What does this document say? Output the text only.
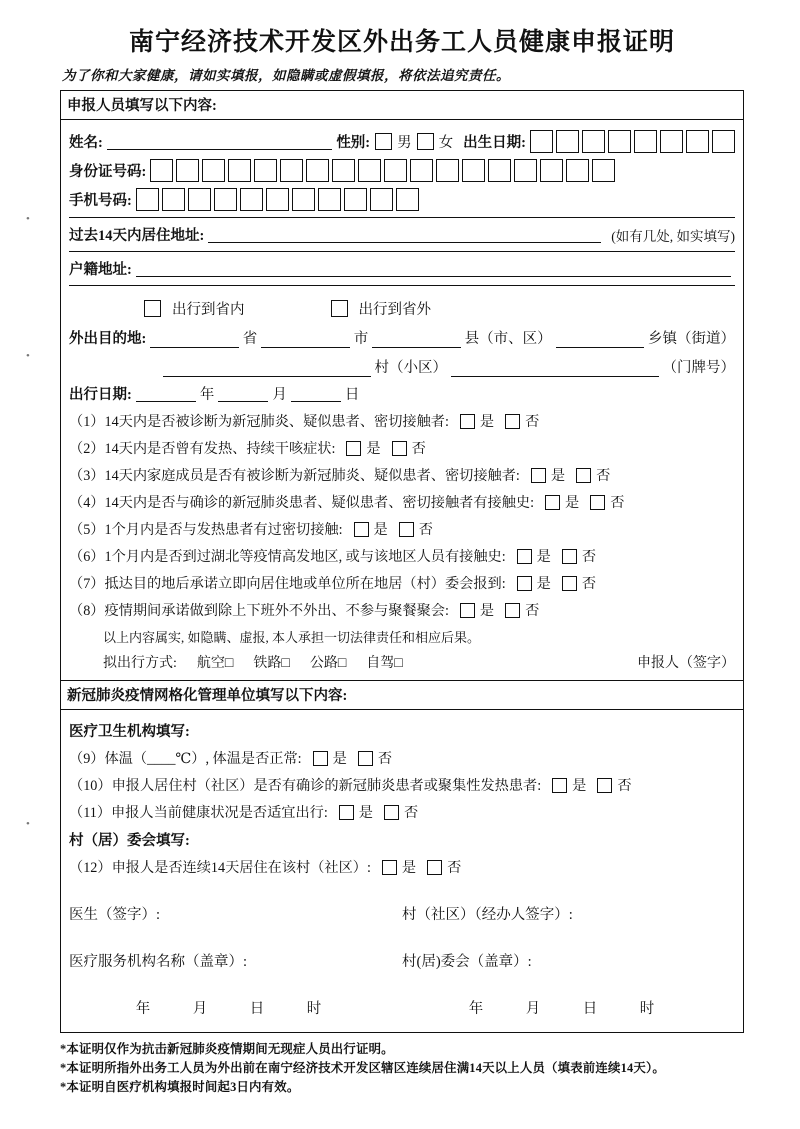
•
•
•
南宁经济技术开发区外出务工人员健康申报证明
为了你和大家健康，请如实填报，如隐瞒或虚假填报，将依法追究责任。
申报人员填写以下内容:
姓名:	性别: 男 女 出生日期:
身份证号码:
手机号码:
过去14天内居住地址:	(如有几处, 如实填写)
户籍地址:
出行到省内	出行到省外
外出目的地:	省	市	县（市、区）	乡镇（街道）
村（小区）	（门牌号）
出行日期:	年	月	日
（1）14天内是否被诊断为新冠肺炎、疑似患者、密切接触者: 是 否
（2）14天内是否曾有发热、持续干咳症状: 是 否
（3）14天内家庭成员是否有被诊断为新冠肺炎、疑似患者、密切接触者: 是 否
（4）14天内是否与确诊的新冠肺炎患者、疑似患者、密切接触者有接触史: 是 否
（5）1个月内是否与发热患者有过密切接触: 是 否
（6）1个月内是否到过湖北等疫情高发地区, 或与该地区人员有接触史: 是 否
（7）抵达目的地后承诺立即向居住地或单位所在地居（村）委会报到: 是 否
（8）疫情期间承诺做到除上下班外不外出、不参与聚餐聚会: 是 否
以上内容属实, 如隐瞒、虚报, 本人承担一切法律责任和相应后果。
拟出行方式: 航空□ 铁路□ 公路□ 自驾□	申报人（签字）
新冠肺炎疫情网格化管理单位填写以下内容:
医疗卫生机构填写:
（9）体温（____℃）, 体温是否正常: 是 否
（10）申报人居住村（社区）是否有确诊的新冠肺炎患者或聚集性发热患者: 是 否
（11）申报人当前健康状况是否适宜出行: 是 否
村（居）委会填写:
（12）申报人是否连续14天居住在该村（社区）: 是 否
医生（签字）:	村（社区）（经办人签字）:
医疗服务机构名称（盖章）:	村(居)委会（盖章）:
年　月　日　时	年　月　日　时
*本证明仅作为抗击新冠肺炎疫情期间无现症人员出行证明。
*本证明所指外出务工人员为外出前在南宁经济技术开发区辖区连续居住满14天以上人员（填表前连续14天）。
*本证明自医疗机构填报时间起3日内有效。
